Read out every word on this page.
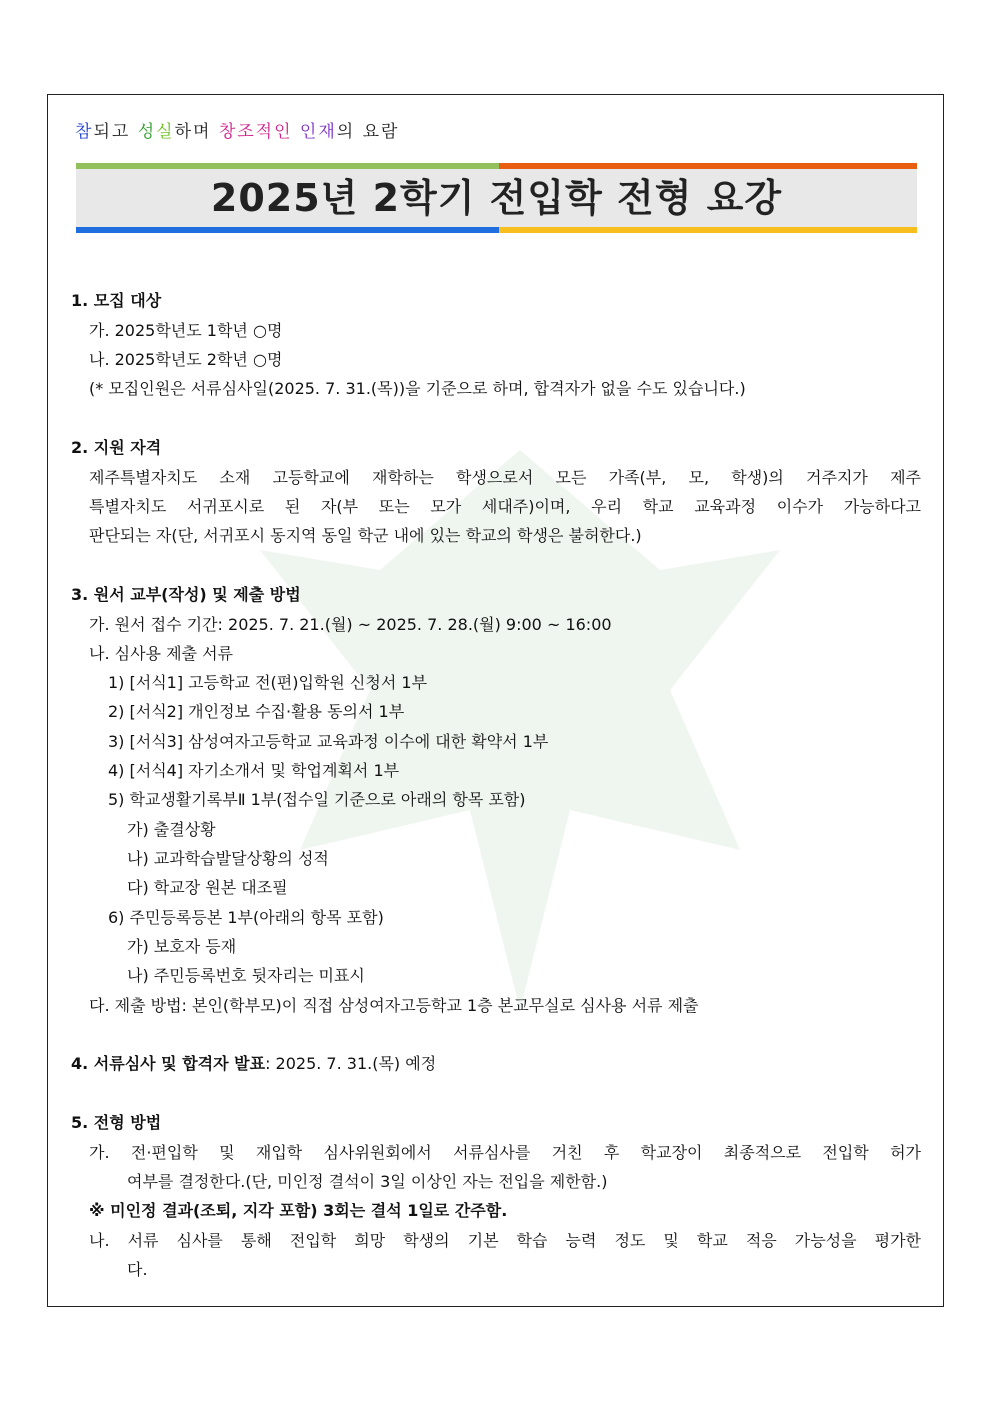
참되고 성실하며 창조적인 인재의 요람
2025년 2학기 전입학 전형 요강
1. 모집 대상
가. 2025학년도 1학년 ○명
나. 2025학년도 2학년 ○명
(* 모집인원은 서류심사일(2025. 7. 31.(목))을 기준으로 하며, 합격자가 없을 수도 있습니다.)
2. 지원 자격
제주특별자치도 소재 고등학교에 재학하는 학생으로서 모든 가족(부, 모, 학생)의 거주지가 제주
특별자치도 서귀포시로 된 자(부 또는 모가 세대주)이며, 우리 학교 교육과정 이수가 가능하다고
판단되는 자(단, 서귀포시 동지역 동일 학군 내에 있는 학교의 학생은 불허한다.)
3. 원서 교부(작성) 및 제출 방법
가. 원서 접수 기간: 2025. 7. 21.(월) ~ 2025. 7. 28.(월) 9:00 ~ 16:00
나. 심사용 제출 서류
1) [서식1] 고등학교 전(편)입학원 신청서 1부
2) [서식2] 개인정보 수집·활용 동의서 1부
3) [서식3] 삼성여자고등학교 교육과정 이수에 대한 확약서 1부
4) [서식4] 자기소개서 및 학업계획서 1부
5) 학교생활기록부Ⅱ 1부(접수일 기준으로 아래의 항목 포함)
가) 출결상황
나) 교과학습발달상황의 성적
다) 학교장 원본 대조필
6) 주민등록등본 1부(아래의 항목 포함)
가) 보호자 등재
나) 주민등록번호 뒷자리는 미표시
다. 제출 방법: 본인(학부모)이 직접 삼성여자고등학교 1층 본교무실로 심사용 서류 제출
4. 서류심사 및 합격자 발표: 2025. 7. 31.(목) 예정
5. 전형 방법
가. 전·편입학 및 재입학 심사위원회에서 서류심사를 거친 후 학교장이 최종적으로 전입학 허가
여부를 결정한다.(단, 미인정 결석이 3일 이상인 자는 전입을 제한함.)
※ 미인정 결과(조퇴, 지각 포함) 3회는 결석 1일로 간주함.
나. 서류 심사를 통해 전입학 희망 학생의 기본 학습 능력 정도 및 학교 적응 가능성을 평가한
다.
